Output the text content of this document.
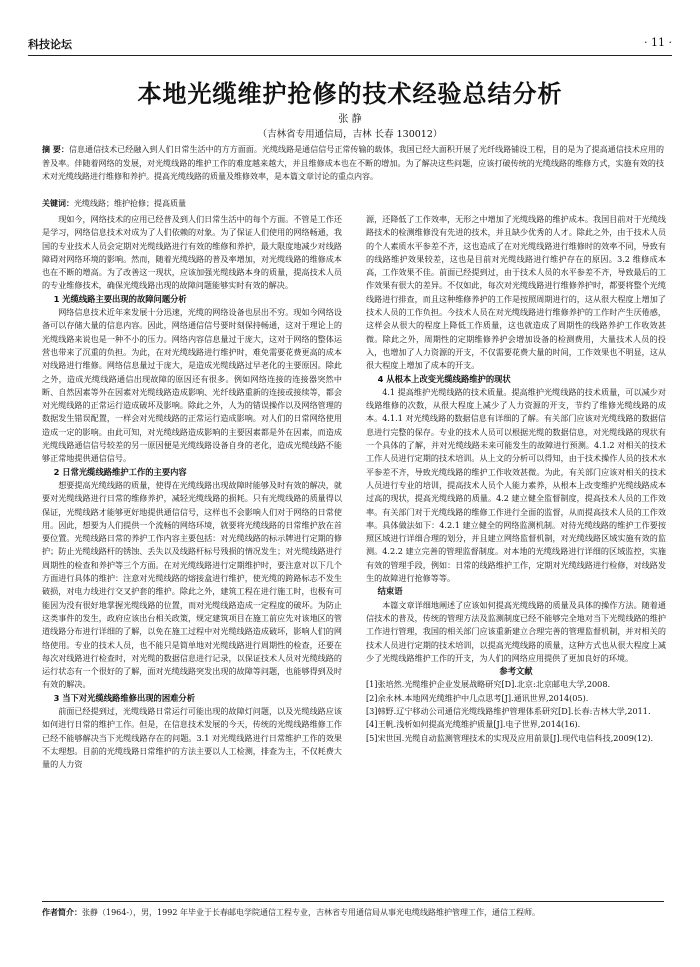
科技论坛	· 11 ·
本地光缆维护抢修的技术经验总结分析
张 静
（吉林省专用通信局，吉林 长春 130012）
摘 要：信息通信技术已经融入到人们日常生活中的方方面面。光缆线路是通信信号正常传输的载体，我国已经大面积开展了光纤线路铺设工程，目的是为了提高通信技术应用的普及率。伴随着网络的发展，对光缆线路的维护工作的难度越来越大，并且维修成本也在不断的增加。为了解决这些问题，应该打破传统的光缆线路的维修方式，实施有效的技术对光缆线路进行维修和养护。提高光缆线路的质量及维修效率，是本篇文章讨论的重点内容。
关键词：光缆线路；维护抢修；提高质量

现如今，网络技术的应用已经普及到人们日常生活中的每个方面。不管是工作还是学习，网络信息技术对成为了人们依赖的对象。为了保证人们使用的网络畅通，我国的专业技术人员会定期对光缆线路进行有效的维修和养护，最大限度地减少对线路障碍对网络环境的影响。然而，随着光缆线路的普及率增加，对光缆线路的维修成本也在不断的增高。为了改善这一现状，应该加强光缆线路本身的质量，提高技术人员的专业维修技术，确保光缆线路出现的故障问题能够实时有效的解决。

1 光缆线路主要出现的故障问题分析

网络信息技术近年来发展十分迅速，光缆的网络设备也层出不穷。现如今网络设备可以存储大量的信息内容。因此，网络通信信号要时刻保持畅通，这对于理论上的光缆线路来说也是一种不小的压力。网络内容信息量过于庞大，这对于网络的整体运营也带来了沉重的负担。为此，在对光缆线路进行维护时，难免需要花费更高的成本对线路进行维修。网络信息量过于庞大，是造成光缆线路过早老化的主要原因。除此之外，造成光缆线路通信出现故障的原因还有很多。例如网络连接的连接器突然中断、自然因素等外在因素对光缆线路造成影响、光纤线路重新的连接或接续等，都会对光缆线路的正常运行造成破坏及影响。除此之外，人为的错误操作以及网络管理的数据发生错误配置，一样会对光缆线路的正常运行造成影响。对人们的日常网络使用造成一定的影响。由此可知，对光缆线路造成影响的主要因素都是外在因素，而造成光缆线路通信信号较差的另一原因便是光缆线路设备自身的老化，造成光缆线路不能够正常地提供通信信号。

2 日常光缆线路维护工作的主要内容

想要提高光缆线路的质量，使得在光缆线路出现故障时能够及时有效的解决，就要对光缆线路进行日常的维修养护，减轻光缆线路的损耗。只有光缆线路的质量得以保证，光缆线路才能够更好地提供通信信号，这样也不会影响人们对于网络的日常使用。因此，想要为人们提供一个流畅的网络环境，就要将光缆线路的日常维护放在首要位置。光缆线路日常的养护工作内容主要包括：对光缆线路的标示牌进行定期的修护；防止光缆线路杆的锈蚀、丢失以及线路杆标号残损的情况发生；对光缆线路进行周期性的检查和养护等三个方面。在对光缆线路进行定期维护时，要注意对以下几个方面进行具体的维护：注意对光缆线路的熔接盒进行维护，使光缆的跨路标志不发生破损，对电力线进行交叉护套的维护。除此之外，建筑工程在进行施工时，也极有可能因为没有很好地掌握光缆线路的位置，而对光缆线路造成一定程度的破坏。为防止这类事件的发生，政府应该出台相关政策，规定建筑项目在施工前应先对该地区的管道线路分布进行详细的了解，以免在施工过程中对光缆线路造成破坏，影响人们的网络使用。专业的技术人员，也不能只是简单地对光缆线路进行周期性的检查，还要在每次对线路进行检查时，对光缆的数据信息进行记录，以保证技术人员对光缆线路的运行状态有一个很好的了解，面对光缆线路突发出现的故障等问题，也能够得到及时有效的解决。

3 当下对光缆线路维修出现的困难分析

前面已经提到过，光缆线路日常运行可能出现的故障灯问题，以及光缆线路应该如何进行日常的维护工作。但是，在信息技术发展的今天，传统的光缆线路维修工作已经不能够解决当下光缆线路存在的问题。3.1 对光缆线路进行日常维护工作的效果不太理想。目前的光缆线路日常维护的方法主要以人工检测，排查为主，不仅耗费大量的人力资

源，还降低了工作效率，无形之中增加了光缆线路的维护成本。我国目前对于光缆线路技术的检测维修没有先进的技术，并且缺少优秀的人才。除此之外，由于技术人员的个人素质水平参差不齐，这也造成了在对光缆线路进行维修时的效率不同，导致有的线路维护效果较差，这也是目前对光缆线路进行维护存在的原因。3.2 维修成本高，工作效果不佳。前面已经提到过，由于技术人员的水平参差不齐，导致最后的工作效果有很大的差异。不仅如此，每次对光缆线路进行维修养护时，都要将整个光缆线路进行排查，而且这种维修养护的工作是按照周期进行的，这从很大程度上增加了技术人员的工作负担。今技术人员在对光缆线路进行维修养护的工作时产生厌倦感，这样会从很大的程度上降低工作质量，这也就造成了周期性的线路养护工作收效甚微。除此之外，周期性的定期维修养护会增加设备的检测费用，大量技术人员的投入，也增加了人力资源的开支，不仅需要花费大量的时间，工作效果也不明显，这从很大程度上增加了成本的开支。

4 从根本上改变光缆线路维护的现状

4.1 提高维护光缆线路的技术质量。提高维护光缆线路的技术质量，可以减少对线路维修的次数，从很大程度上减少了人力资源的开支，节约了维修光缆线路的成本。4.1.1 对光缆线路的数据信息有详细的了解。有关部门应该对光缆线路的数据信息进行完整的保存。专业的技术人员可以根据光缆的数据信息，对光缆线路的现状有一个具体的了解，并对光缆线路未来可能发生的故障进行预测。4.1.2 对相关的技术工作人员进行定期的技术培训。从上文的分析可以得知，由于技术操作人员的技术水平参差不齐，导致光缆线路的维护工作收效甚微。为此，有关部门应该对相关的技术人员进行专业的培训，提高技术人员个人能力素养，从根本上改变维护光缆线路成本过高的现状，提高光缆线路的质量。4.2 建立健全监督制度，提高技术人员的工作效率。有关部门对于光缆线路的维修工作进行全面的监督，从而提高技术人员的工作效率。具体做法如下：4.2.1 建立健全的网络监测机制。对待光缆线路的维护工作要按照区域进行详细合理的划分，并且建立网络监督机制，对光缆线路区域实施有效的监测。4.2.2 建立完善的管理监督制度。对本地的光缆线路进行详细的区域监控，实施有效的管理手段，例如：日常的线路维护工作，定期对光缆线路进行检修，对线路发生的故障进行抢修等等。

结束语

本篇文章详细地阐述了应该如何提高光缆线路的质量及具体的操作方法。随着通信技术的普及，传统的管理方法及监测制度已经不能够完全地对当下光缆线路的维护工作进行管理，我国的相关部门应该重新建立合理完善的管理监督机制，并对相关的技术人员进行定期的技术培训，以提高光缆线路的质量，这种方式也从很大程度上减少了光缆线路维护工作的开支，为人们的网络应用提供了更加良好的环境。

参考文献

[1]张培然.光缆维护企业发展战略研究[D].北京:北京邮电大学,2008.

[2]余永林.本地网光缆维护中几点思考[J].通讯世界,2014(05).

[3]韩野.辽宁移动公司通信光缆线路维护管理体系研究[D].长春:吉林大学,2011.

[4]王帆.浅析如何提高光缆维护质量[J].电子世界,2014(16).

[5]宋世国.光缆自动监测管理技术的实现及应用前景[J].现代电信科技,2009(12).

作者简介：张静（1964-），男，1992 年毕业于长春邮电学院通信工程专业，吉林省专用通信局从事光电缆线路维护管理工作，通信工程师。
